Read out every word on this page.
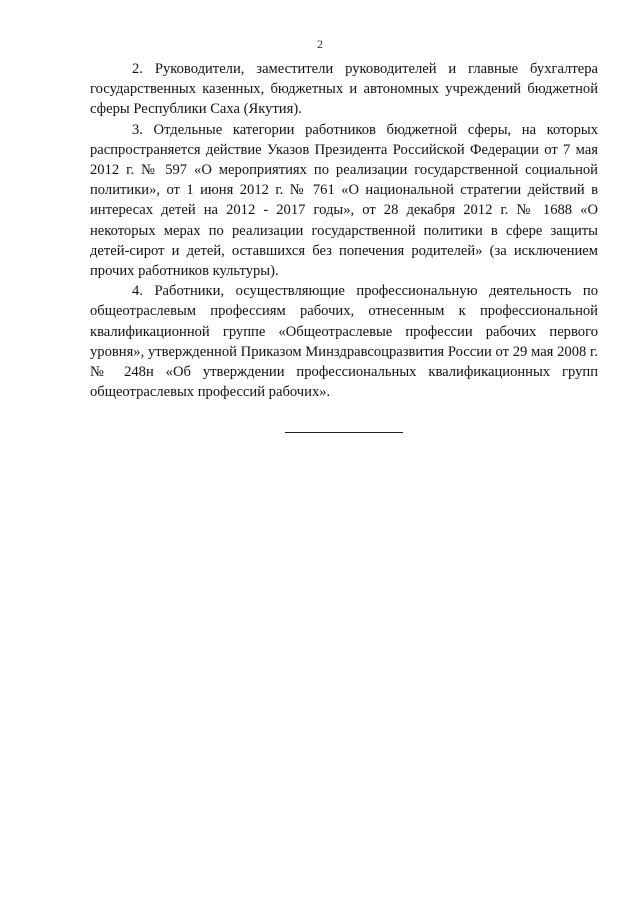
2

2. Руководители, заместители руководителей и главные бухгалтера государственных казенных, бюджетных и автономных учреждений бюджетной сферы Республики Саха (Якутия).

3. Отдельные категории работников бюджетной сферы, на которых распространяется действие Указов Президента Российской Федерации от 7 мая 2012 г. № 597 «О мероприятиях по реализации государственной социальной политики», от 1 июня 2012 г. № 761 «О национальной стратегии действий в интересах детей на 2012 - 2017 годы», от 28 декабря 2012 г. № 1688 «О некоторых мерах по реализации государственной политики в сфере защиты детей-сирот и детей, оставшихся без попечения родителей» (за исключением прочих работников культуры).

4. Работники, осуществляющие профессиональную деятельность по общеотраслевым профессиям рабочих, отнесенным к профессиональной квалификационной группе «Общеотраслевые профессии рабочих первого уровня», утвержденной Приказом Минздравсоцразвития России от 29 мая 2008 г. № 248н «Об утверждении профессиональных квалификационных групп общеотраслевых профессий рабочих».
